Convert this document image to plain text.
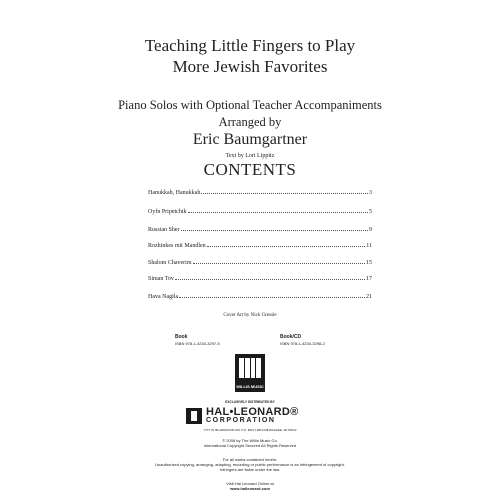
Teaching Little Fingers to Play
More Jewish Favorites
Piano Solos with Optional Teacher Accompaniments
Arranged by
Eric Baumgartner
Text by Lori Lippitz
CONTENTS
Hanukkah, Hanukkah	3
Oyfn Pripetchik	5
Russian Sher	9
Rozhinkes mit Mandlen	11
Shalom Chaverim	15
Siman Tov	17
Hava Nagila	21
Cover Art by Nick Gressle
Book
ISBN 978-1-4234-3297-5
Book/CD
ISBN 978-1-4234-3298-2
WILLIS MUSIC
EXCLUSIVELY DISTRIBUTED BY
HAL•LEONARD®
CORPORATION
7777 W. BLUEMOUND RD. P.O. BOX 13819 MILWAUKEE, WI 53213
© 2008 by The Willis Music Co.
International Copyright Secured All Rights Reserved
For all works contained herein:
Unauthorized copying, arranging, adapting, recording or public performance is an infringement of copyright.
Infringers are liable under the law.
Visit Hal Leonard Online at
www.halleonard.com
